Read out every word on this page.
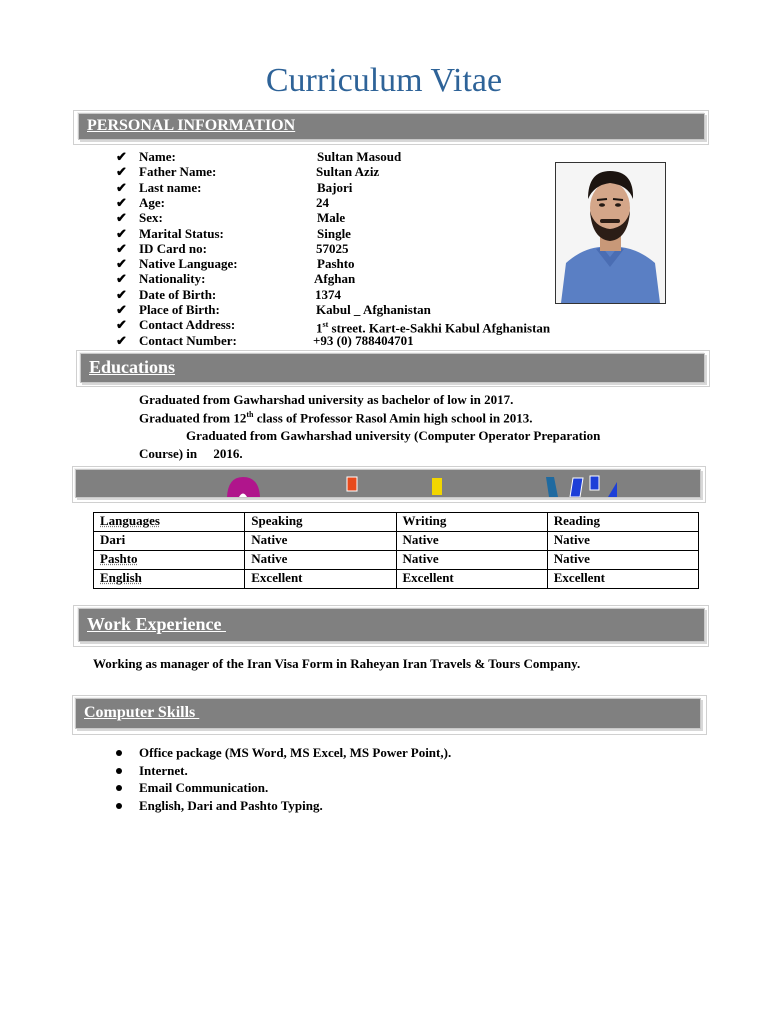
Curriculum Vitae
PERSONAL INFORMATION
✔ Name:	Sultan Masoud
✔ Father Name:	Sultan Aziz
✔ Last name:	Bajori
✔ Age:	24
✔ Sex:	Male
✔ Marital Status:	Single
✔ ID Card no:	57025
✔ Native Language:	Pashto
✔ Nationality:	Afghan
✔ Date of Birth:	1374
✔ Place of Birth:	Kabul _ Afghanistan
✔ Contact Address:	1st street. Kart-e-Sakhi Kabul Afghanistan
✔ Contact Number:	+93 (0) 788404701
Educations
Graduated from Gawharshad university as bachelor of low in 2017.
Graduated from 12th class of Professor Rasol Amin high school in 2013.
Graduated from Gawharshad university (Computer Operator Preparation
Course) in     2016.
Languages	Speaking	Writing	Reading
Dari	Native	Native	Native
Pashto	Native	Native	Native
English	Excellent	Excellent	Excellent
Work Experience
Working as manager of the Iran Visa Form in Raheyan Iran Travels & Tours Company.
Computer Skills
Office package (MS Word, MS Excel, MS Power Point,).
Internet.
Email Communication.
English, Dari and Pashto Typing.
